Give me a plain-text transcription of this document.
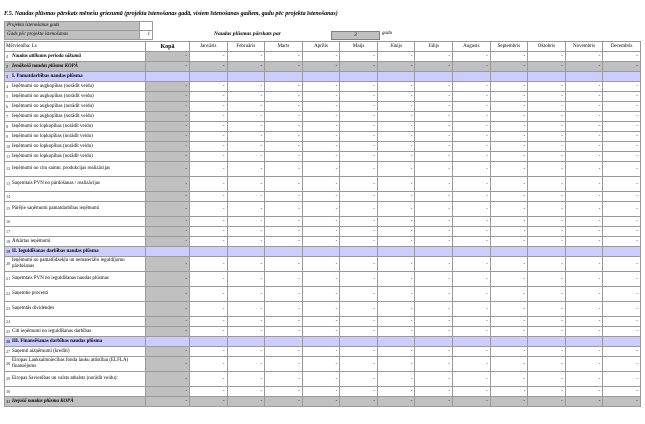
F.5. Naudas plūsmas pārskats mēnešu griezumā (projekta īstenošanas gadā, visiem īstenošanas gadiem, gadu pēc projekta īstenošanas)
Projekta īstenošanas gads	
Gads pēc projekta īstenošanas	1	Naudas plūsmas pārskats par	3	gadu
Mērvienība: Ls	Kopā	Janvāris	Februāris	Marts	Aprīlis	Maijs	Jūnijs	Jūlijs	Augusts	Septembris	Oktobris	Novembris	Decembris

1 Naudas atlikums perioda sākumā	-	-	-	-	-	-	-	-	-	-	-	-	-

2 Ienākošā naudas plūsma KOPĀ	-	-	-	-	-	-	-	-	-	-	-	-	-

3 I. Pamatdarbības naudas plūsma													

4 Ieņēmumi no augkopības (norādīt veidu)	-	-	-	-	-	-	-	-	-	-	-	-	-

5 Ieņēmumi no augkopības (norādīt veidu)	-	-	-	-	-	-	-	-	-	-	-	-	-

6 Ieņēmumi no augkopības (norādīt veidu)	-	-	-	-	-	-	-	-	-	-	-	-	-

7 Ieņēmumi no augkopības (norādīt veidu)	-	-	-	-	-	-	-	-	-	-	-	-	-

8 Ieņēmumi no lopkopības (norādīt veidu)	-	-	-	-	-	-	-	-	-	-	-	-	-

9 Ieņēmumi no lopkopības (norādīt veidu)	-	-	-	-	-	-	-	-	-	-	-	-	-

10 Ieņēmumi no lopkopības (norādīt veidu)	-	-	-	-	-	-	-	-	-	-	-	-	-

11 Ieņēmumi no lopkopības (norādīt veidu)	-	-	-	-	-	-	-	-	-	-	-	-	-

12 Ieņēmumi no citu saimn. produkcijas realizācijas	-	-	-	-	-	-	-	-	-	-	-	-	-

13 Saņemtais PVN no pārdošanas / realizācijas	-	-	-	-	-	-	-	-	-	-	-	-	-

14	-	-	-	-	-	-	-	-	-	-	-	-	-

15 Pārējie saņēmumi pamatdarbības ieņēmumi	-	-	-	-	-	-	-	-	-	-	-	-	-

16	-	-	-	-	-	-	-	-	-	-	-	-	-

17	-	-	-	-	-	-	-	-	-	-	-	-	-

18 Ārkārtas ieņēmumi	-	-	-	-	-	-	-	-	-	-	-	-	-

19 II. Ieguldīšanas darbības naudas plūsma													

20
Ieņēmumi no pamatlīdzekļu un nemateriālo ieguldījumu pārdošanas	-	-	-	-	-	-	-	-	-	-	-	-	-

21 Saņemtais PVN no ieguldīšanas naudas plūsmas	-	-	-	-	-	-	-	-	-	-	-	-	-

22 Saņemtie procenti	-	-	-	-	-	-	-	-	-	-	-	-	-

23 Saņemtās dividendes	-	-	-	-	-	-	-	-	-	-	-	-	-

24	-	-	-	-	-	-	-	-	-	-	-	-	-

25 Citi ieņēmumi no ieguldīšanas darbības	-	-	-	-	-	-	-	-	-	-	-	-	-

26 III. Finansēšanas darbības naudas plūsma													

27 Saņemti aizņēmumi (kredīti)	-	-	-	-	-	-	-	-	-	-	-	-	-

28
Eiropas Lauksaimniecības fonda lauku attīstībai (ELFLA) finansējums	-	-	-	-	-	-	-	-	-	-	-	-	-

29 Eiropas Savienības un valsts atbalsts (norādīt veidu):	-	-	-	-	-	-	-	-	-	-	-	-	-

30	-	-	-	-	-	-	-	-	-	-	-	-	-

31 Izejošā naudas plūsma KOPĀ	-	-	-	-	-	-	-	-	-	-	-	-	-
